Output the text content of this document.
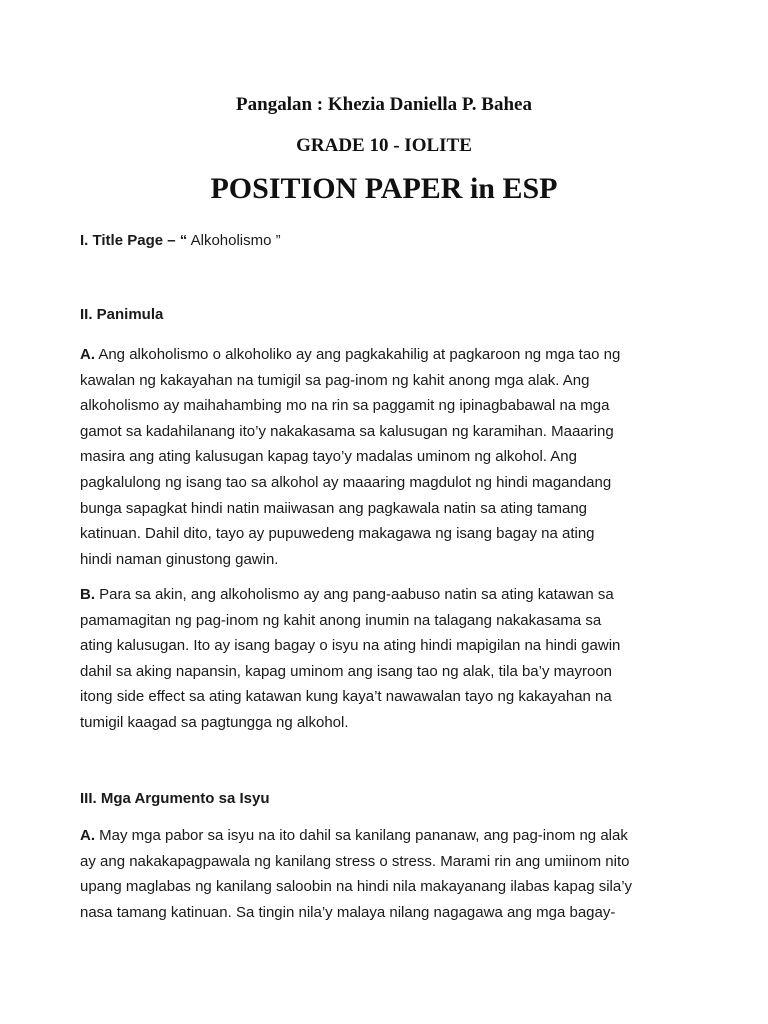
Pangalan : Khezia Daniella P. Bahea
GRADE 10 - IOLITE
POSITION PAPER in ESP
I. Title Page – “ Alkoholismo ”
II. Panimula
A. Ang alkoholismo o alkoholiko ay ang pagkakahilig at pagkaroon ng mga tao ng
kawalan ng kakayahan na tumigil sa pag-inom ng kahit anong mga alak. Ang
alkoholismo ay maihahambing mo na rin sa paggamit ng ipinagbabawal na mga
gamot sa kadahilanang ito’y nakakasama sa kalusugan ng karamihan. Maaaring
masira ang ating kalusugan kapag tayo’y madalas uminom ng alkohol. Ang
pagkalulong ng isang tao sa alkohol ay maaaring magdulot ng hindi magandang
bunga sapagkat hindi natin maiiwasan ang pagkawala natin sa ating tamang
katinuan. Dahil dito, tayo ay pupuwedeng makagawa ng isang bagay na ating
hindi naman ginustong gawin.
B. Para sa akin, ang alkoholismo ay ang pang-aabuso natin sa ating katawan sa
pamamagitan ng pag-inom ng kahit anong inumin na talagang nakakasama sa
ating kalusugan. Ito ay isang bagay o isyu na ating hindi mapigilan na hindi gawin
dahil sa aking napansin, kapag uminom ang isang tao ng alak, tila ba’y mayroon
itong side effect sa ating katawan kung kaya’t nawawalan tayo ng kakayahan na
tumigil kaagad sa pagtungga ng alkohol.
III. Mga Argumento sa Isyu
A. May mga pabor sa isyu na ito dahil sa kanilang pananaw, ang pag-inom ng alak
ay ang nakakapagpawala ng kanilang stress o stress. Marami rin ang umiinom nito
upang maglabas ng kanilang saloobin na hindi nila makayanang ilabas kapag sila’y
nasa tamang katinuan. Sa tingin nila’y malaya nilang nagagawa ang mga bagay-
